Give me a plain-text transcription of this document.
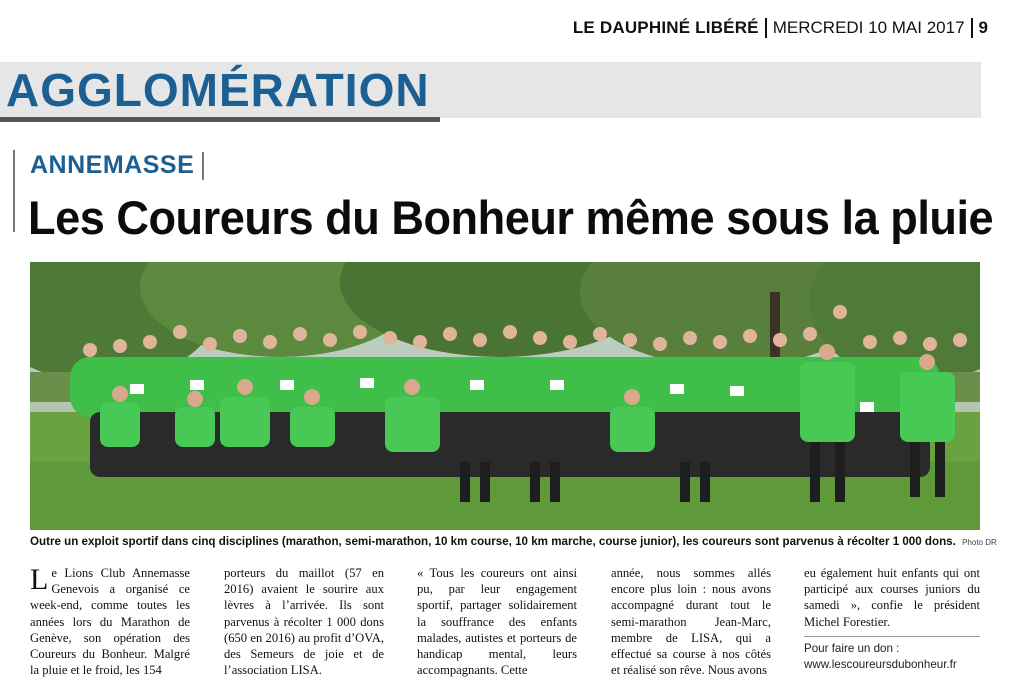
LE DAUPHINÉ LIBÉRÉ MERCREDI 10 MAI 2017 9
AGGLOMÉRATION
ANNEMASSE
Les Coureurs du Bonheur même sous la pluie
Outre un exploit sportif dans cinq disciplines (marathon, semi-marathon, 10 km course, 10 km marche, course junior), les coureurs sont parvenus à récolter 1 000 dons. Photo DR
Le Lions Club Annemasse Genevois a organisé ce week-end, comme toutes les années lors du Marathon de Genève, son opération des Coureurs du Bonheur. Malgré la pluie et le froid, les 154

porteurs du maillot (57 en 2016) avaient le sourire aux lèvres à l’arrivée. Ils sont parvenus à récolter 1 000 dons (650 en 2016) au profit d’OVA, des Semeurs de joie et de l’association LISA.

« Tous les coureurs ont ainsi pu, par leur engagement sportif, partager solidairement la souffrance des enfants malades, autistes et porteurs de handicap mental, leurs accompagnants. Cette

année, nous sommes allés encore plus loin : nous avons accompagné durant tout le semi-marathon Jean-Marc, membre de LISA, qui a effectué sa course à nos côtés et réalisé son rêve. Nous avons

eu également huit enfants qui ont participé aux courses juniors du samedi », confie le président Michel Forestier.

Pour faire un don :
www.lescoureursdubonheur.fr
